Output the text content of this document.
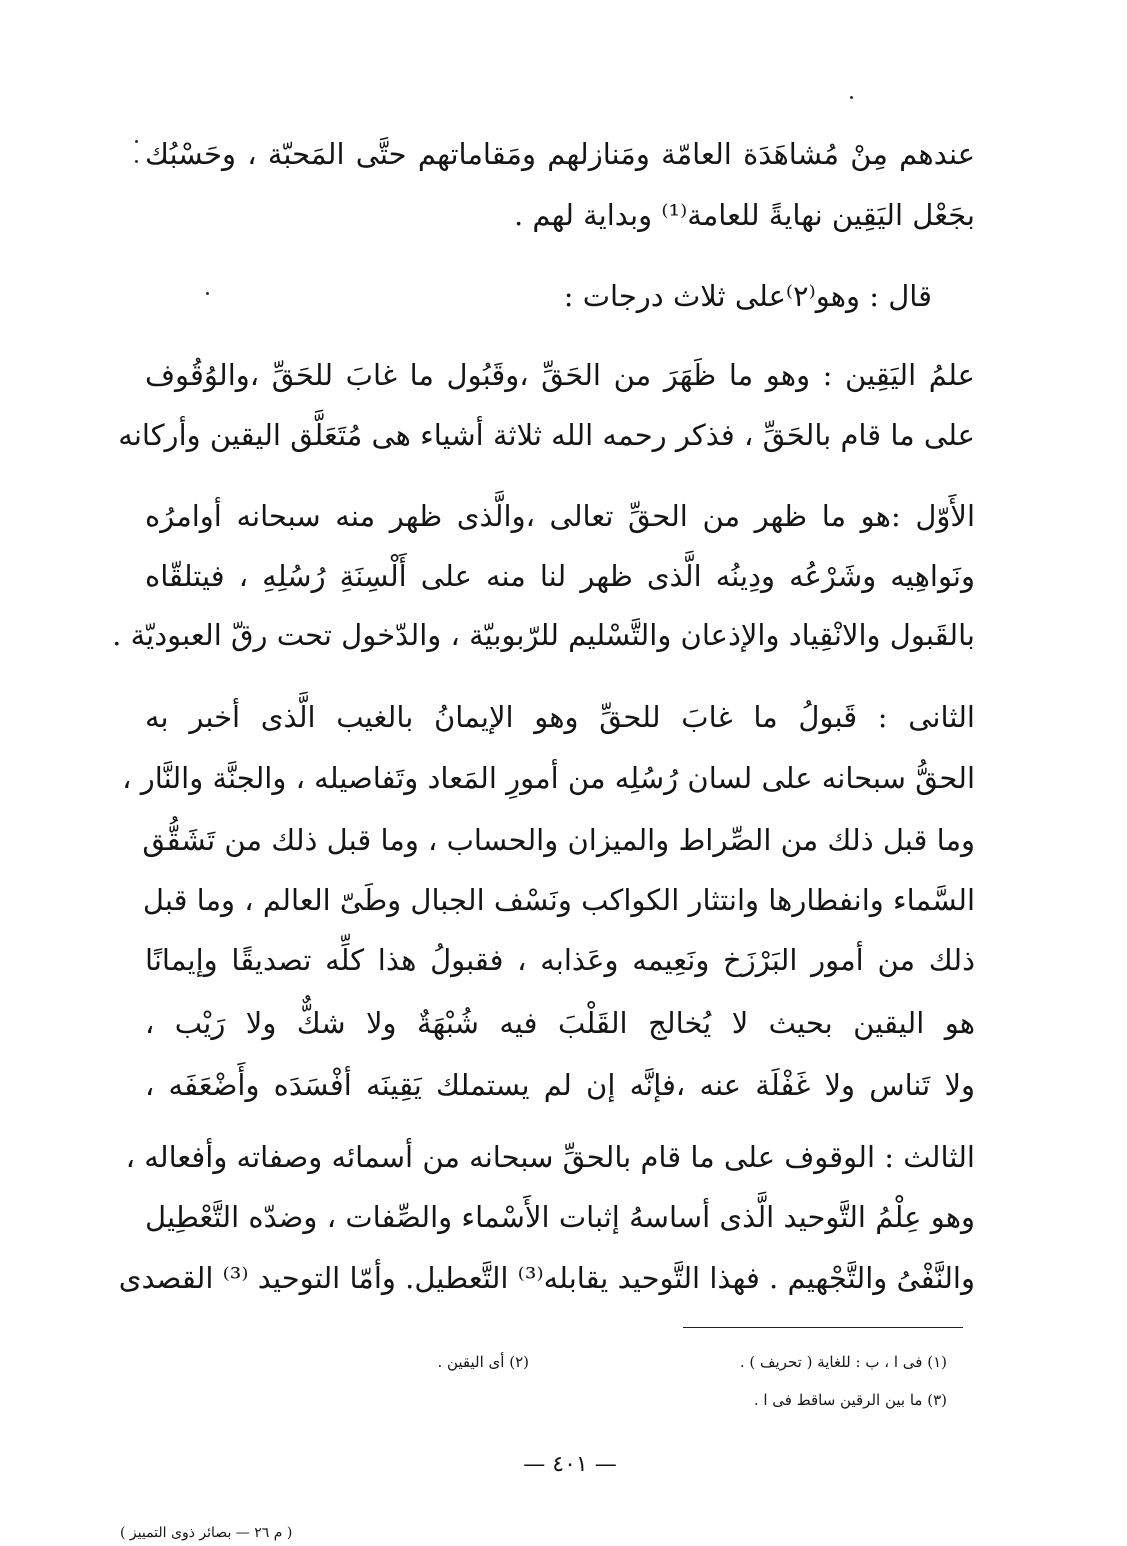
عندهم مِنْ مُشاهَدَة العامّة ومَنازلهم ومَقاماتهم حتَّى المَحبّة ، وحَسْبُك
بجَعْل اليَقِين نهايةً للعامة⁽¹⁾ وبداية لهم .
قال : وهو⁽٢⁾على ثلاث درجات :
علمُ اليَقِين : وهو ما ظَهَرَ من الحَقِّ ،وقَبُول ما غابَ للحَقِّ ،والوُقُوف
على ما قام بالحَقِّ ، فذكر رحمه الله ثلاثة أشياء هى مُتَعَلَّق اليقين وأركانه
الأَوّل :هو ما ظهر من الحقِّ تعالى ،والَّذى ظهر منه سبحانه أوامرُه
ونَواهِيه وشَرْعُه ودِينُه الَّذى ظهر لنا منه على أَلْسِنَةِ رُسُلِهِ ، فيتلقّاه
بالقَبول والانْقِياد والإذعان والتَّسْليم للرّبوبيّة ، والدّخول تحت رقّ العبوديّة .
الثانى : قَبولُ ما غابَ للحقِّ وهو الإيمانُ بالغيب الَّذى أخبر به
الحقُّ سبحانه على لسان رُسُلِه من أمورِ المَعاد وتَفاصيله ، والجنَّة والنَّار ،
وما قبل ذلك من الصِّراط والميزان والحساب ، وما قبل ذلك من تَشَقُّق
السَّماء وانفطارها وانتثار الكواكب ونَسْف الجبال وطَىّ العالم ، وما قبل
ذلك من أمور البَرْزَخ ونَعِيمه وعَذابه ، فقبولُ هذا كلِّه تصديقًا وإيمانًا
هو اليقين بحيث لا يُخالج القَلْبَ فيه شُبْهَةٌ ولا شكٌّ ولا رَيْب ،
ولا تَناس ولا غَفْلَة عنه ،فإنَّه إن لم يستملك يَقِينَه أفْسَدَه وأَضْعَفَه ،
الثالث : الوقوف على ما قام بالحقِّ سبحانه من أسمائه وصفاته وأفعاله ،
وهو عِلْمُ التَّوحيد الَّذى أساسهُ إثبات الأَسْماء والصِّفات ، وضدّه التَّعْطِيل
والنَّفْىُ والتَّجْهيم . فهذا التَّوحيد يقابله⁽³⁾ التَّعطيل. وأمّا التوحيد ⁽³⁾ القصدى
(١) فى ا ، ب : للغاية ( تحريف ) .
(٢) أى اليقين .
(٣) ما بين الرقين ساقط فى ا .
— ٤٠١ —
( م ٢٦ — بصائر ذوى التمييز )
